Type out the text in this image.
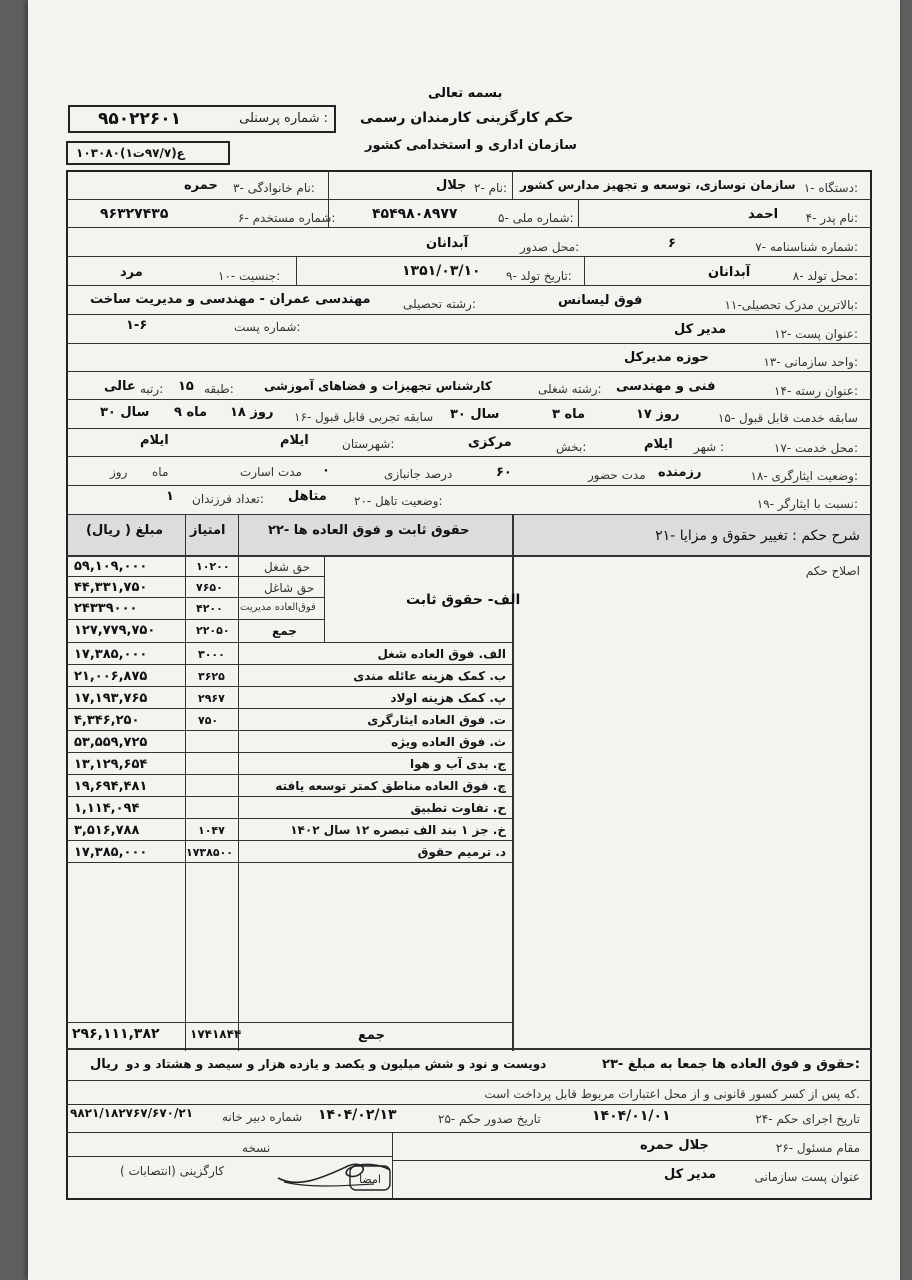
بسمه تعالی
حکم کارگزینی کارمندان رسمی
سازمان اداری و استخدامی کشور
شماره پرسنلی :
۹۵۰۲۲۶۰۱
ع(۹۷/۷ت۱)۱۰۳۰۸۰
۱- دستگاه:
سازمان نوسازی، توسعه و تجهیز مدارس کشور
۲- نام:
جلال
۳- نام خانوادگی:
حمره
۴- نام پدر:
احمد
۵- شماره ملی:
۴۵۴۹۸۰۸۹۷۷
۶- شماره مستخدم:
۹۶۳۲۷۴۳۵
۷- شماره شناسنامه:
۶
محل صدور:
آبدانان
۸- محل تولد:
آبدانان
۹- تاریخ تولد:
۱۳۵۱/۰۳/۱۰
۱۰- جنسیت:
مرد
۱۱-بالاترین مدرک تحصیلی:
فوق لیسانس
رشته تحصیلی:
مهندسی عمران - مهندسی و مدیریت ساخت
۱۲- عنوان پست:
مدیر کل
شماره پست:
۱-۶
۱۳- واحد سازمانی:
حوزه مدیرکل
۱۴- عنوان رسته:
فنی و مهندسی
رشته شغلی:
کارشناس تجهیزات و فضاهای آموزشی
طبقه:
۱۵
رتبه:
عالی
۱۵- سابقه خدمت قابل قبول
۱۷ روز
۳ ماه
۳۰ سال
۱۶- سابقه تجربی قابل قبول
۱۸ روز
۹ ماه
۳۰ سال
۱۷- محل خدمت:
شهر :
ایلام
بخش:
مرکزی
شهرستان:
ایلام
ایلام
۱۸- وضعیت ایثارگری:
رزمنده
مدت حضور
۶۰
درصد جانبازی
۰
مدت اسارت
ماه
روز
۱۹- نسبت با ایثارگر:
۲۰- وضعیت تاهل:
متاهل
تعداد فرزندان:
۱
۲۱- شرح حکم : تغییر حقوق و مزایا
اصلاح حکم
۲۲- حقوق ثابت و فوق العاده ها
امتیاز
مبلغ ( ریال)
الف- حقوق ثابت
جمع
۱۷۴۱۸۴۴
۲۹۶,۱۱۱,۳۸۲
۲۳- حقوق و فوق العاده ها جمعا به مبلغ:
دویست و نود و شش میلیون و یکصد و یازده هزار و سیصد و هشتاد و دو
ریال
که پس از کسر کسور قانونی و از محل اعتبارات مربوط قابل پرداخت است.
۲۴- تاریخ اجرای حکم
۱۴۰۴/۰۱/۰۱
۲۵- تاریخ صدور حکم
۱۴۰۴/۰۲/۱۳
شماره دبیر خانه
۹۸۲۱/۱۸۲۷۶۷/۶۷۰/۲۱
۲۶- مقام مسئول
جلال حمره
عنوان پست سازمانی
مدیر کل
نسخه
کارگزینی (انتصابات )
امضا
حق شغل
۱۰۲۰۰
۵۹,۱۰۹,۰۰۰
حق شاغل
۷۶۵۰
۴۴,۳۳۱,۷۵۰
فوق‌العاده مدیریت
۴۲۰۰
۲۴۳۳۹۰۰۰
جمع
۲۲۰۵۰
۱۲۷,۷۷۹,۷۵۰
الف. فوق العاده شغل
۳۰۰۰
۱۷,۳۸۵,۰۰۰
ب. کمک هزینه عائله مندی
۳۶۲۵
۲۱,۰۰۶,۸۷۵
پ. کمک هزینه اولاد
۲۹۶۷
۱۷,۱۹۳,۷۶۵
ت. فوق العاده ایثارگری
۷۵۰
۴,۳۴۶,۲۵۰
ث. فوق العاده ویژه
۵۳,۵۵۹,۷۲۵
ج. بدی آب و هوا
۱۳,۱۲۹,۶۵۴
چ. فوق العاده مناطق کمتر توسعه یافته
۱۹,۶۹۴,۴۸۱
ح. تفاوت تطبیق
۱,۱۱۴,۰۹۴
خ. جز ۱ بند الف تبصره ۱۲ سال ۱۴۰۲
۱۰۴۷
۳,۵۱۶,۷۸۸
د. ترمیم حقوق
۱۷۳۸۵۰۰
۱۷,۳۸۵,۰۰۰
